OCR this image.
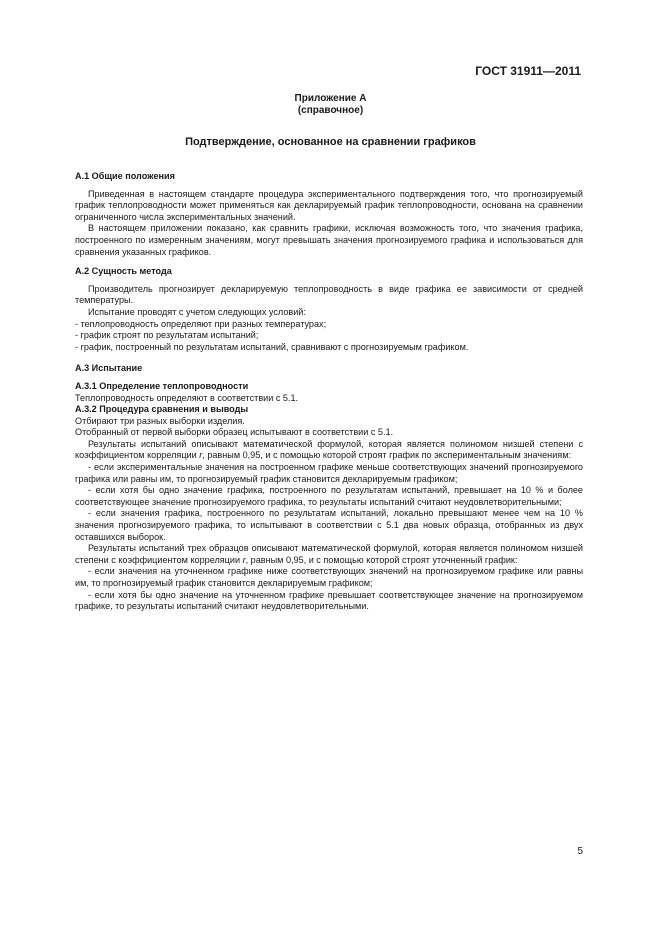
ГОСТ 31911—2011
Приложение А
(справочное)
Подтверждение, основанное на сравнении графиков

А.1 Общие положения

Приведенная в настоящем стандарте процедура экспериментального подтверждения того, что прогнозируемый график теплопроводности может применяться как декларируемый график теплопроводности, основана на сравнении ограниченного числа экспериментальных значений.

В настоящем приложении показано, как сравнить графики, исключая возможность того, что значения графика, построенного по измеренным значениям, могут превышать значения прогнозируемого графика и использоваться для сравнения указанных графиков.

А.2 Сущность метода

Производитель прогнозирует декларируемую теплопроводность в виде графика ее зависимости от средней температуры.

Испытание проводят с учетом следующих условий:

- теплопроводность определяют при разных температурах;

- график строят по результатам испытаний;

- график, построенный по результатам испытаний, сравнивают с прогнозируемым графиком.

А.3 Испытание

А.3.1 Определение теплопроводности

Теплопроводность определяют в соответствии с 5.1.

А.3.2 Процедура сравнения и выводы

Отбирают три разных выборки изделия.

Отобранный от первой выборки образец испытывают в соответствии с 5.1.

Результаты испытаний описывают математической формулой, которая является полиномом низшей степени с коэффициентом корреляции r, равным 0,95, и с помощью которой строят график по экспериментальным значениям:

- если экспериментальные значения на построенном графике меньше соответствующих значений прогнозируемого графика или равны им, то прогнозируемый график становится декларируемым графиком;

- если хотя бы одно значение графика, построенного по результатам испытаний, превышает на 10 % и более соответствующее значение прогнозируемого графика, то результаты испытаний считают неудовлетворительными;

- если значения графика, построенного по результатам испытаний, локально превышают менее чем на 10 % значения прогнозируемого графика, то испытывают в соответствии с 5.1 два новых образца, отобранных из двух оставшихся выборок.

Результаты испытаний трех образцов описывают математической формулой, которая является полиномом низшей степени с коэффициентом корреляции r, равным 0,95, и с помощью которой строят уточненный график:

- если значения на уточненном графике ниже соответствующих значений на прогнозируемом графике или равны им, то прогнозируемый график становится декларируемым графиком;

- если хотя бы одно значение на уточненном графике превышает соответствующее значение на прогнозируемом графике, то результаты испытаний считают неудовлетворительными.

5
